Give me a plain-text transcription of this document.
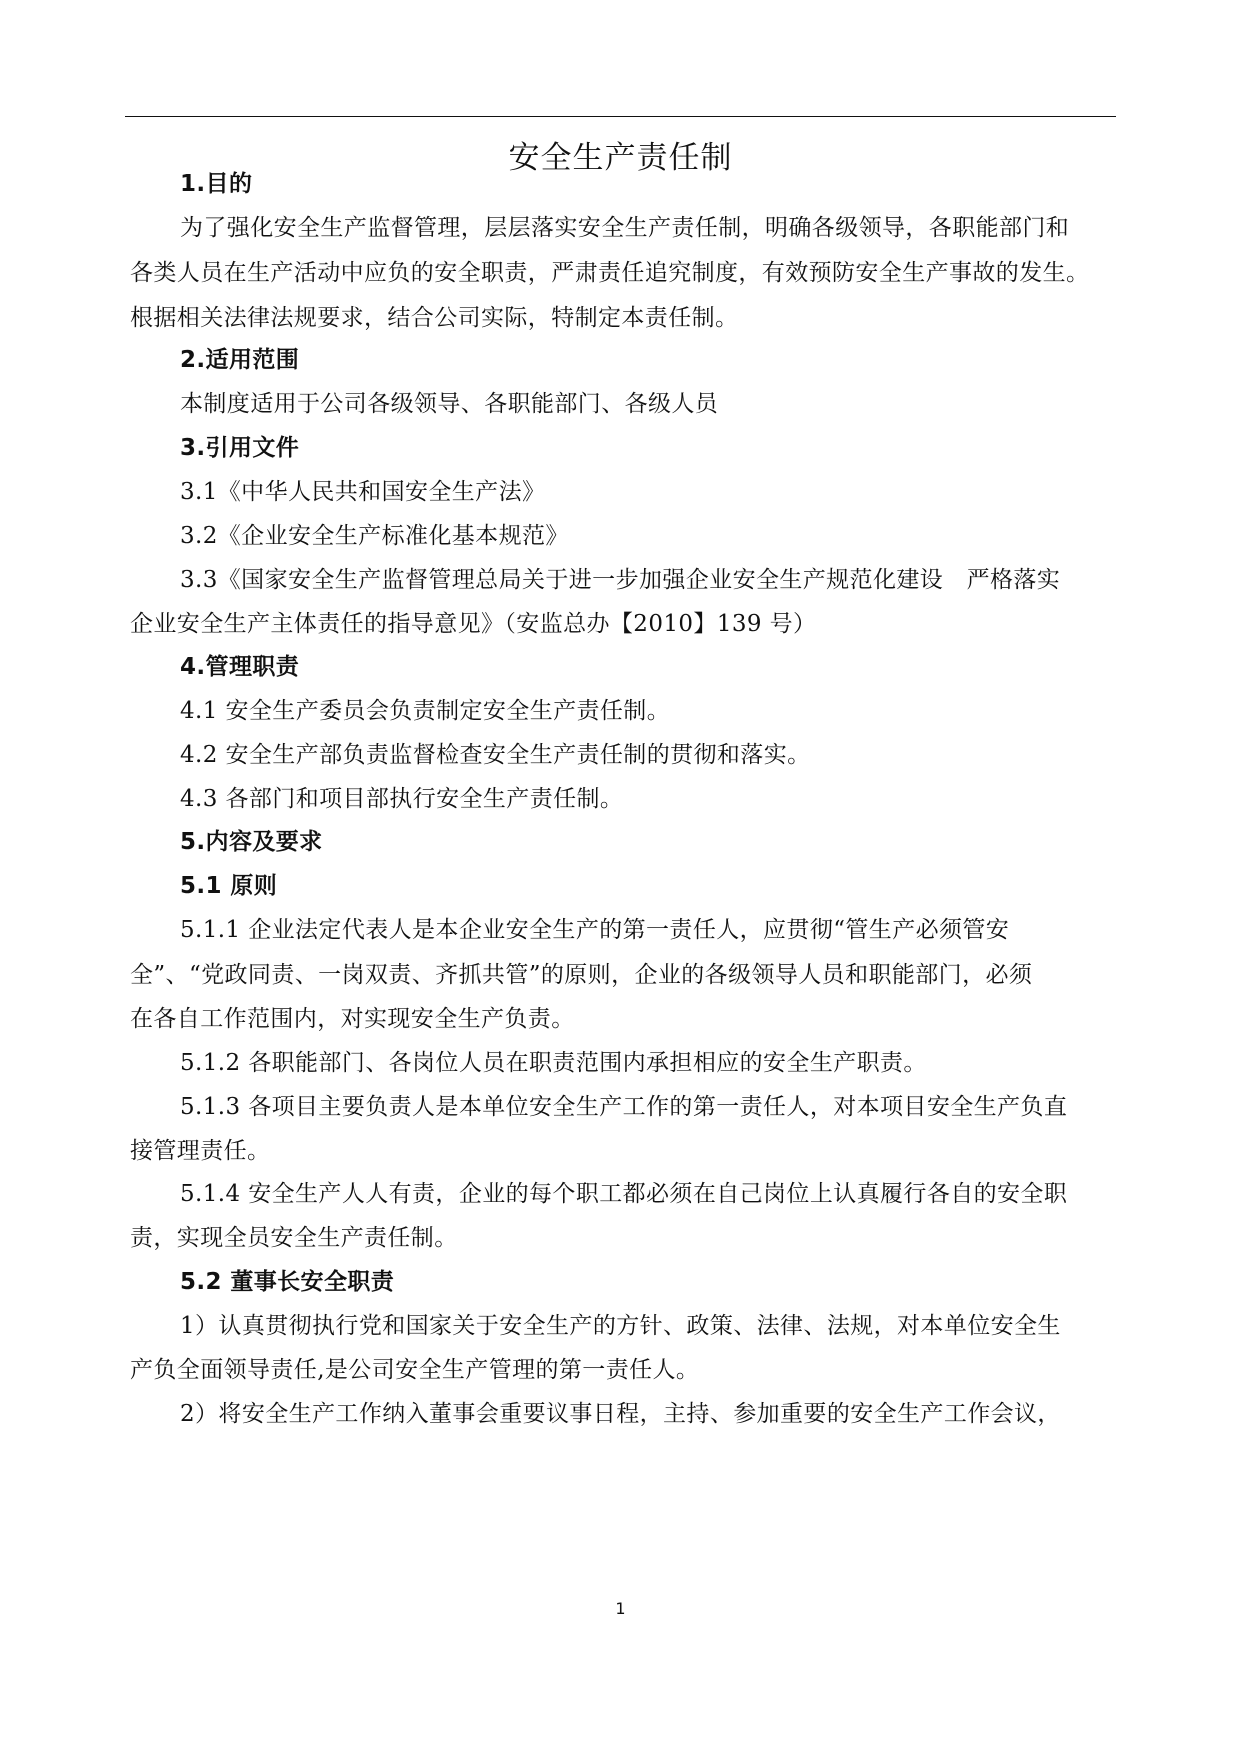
安全生产责任制

1.目的

为了强化安全生产监督管理，层层落实安全生产责任制，明确各级领导，各职能部门和

各类人员在生产活动中应负的安全职责，严肃责任追究制度，有效预防安全生产事故的发生。

根据相关法律法规要求，结合公司实际，特制定本责任制。

2.适用范围

本制度适用于公司各级领导、各职能部门、各级人员

3.引用文件

3.1《中华人民共和国安全生产法》

3.2《企业安全生产标准化基本规范》

3.3《国家安全生产监督管理总局关于进一步加强企业安全生产规范化建设　严格落实

企业安全生产主体责任的指导意见》（安监总办【2010】139 号）

4.管理职责

4.1 安全生产委员会负责制定安全生产责任制。

4.2 安全生产部负责监督检查安全生产责任制的贯彻和落实。

4.3 各部门和项目部执行安全生产责任制。

5.内容及要求

5.1 原则

5.1.1 企业法定代表人是本企业安全生产的第一责任人，应贯彻“管生产必须管安

全”、“党政同责、一岗双责、齐抓共管”的原则，企业的各级领导人员和职能部门，必须

在各自工作范围内，对实现安全生产负责。

5.1.2 各职能部门、各岗位人员在职责范围内承担相应的安全生产职责。

5.1.3 各项目主要负责人是本单位安全生产工作的第一责任人，对本项目安全生产负直

接管理责任。

5.1.4 安全生产人人有责，企业的每个职工都必须在自己岗位上认真履行各自的安全职

责，实现全员安全生产责任制。

5.2 董事长安全职责

1）认真贯彻执行党和国家关于安全生产的方针、政策、法律、法规，对本单位安全生

产负全面领导责任,是公司安全生产管理的第一责任人。

2）将安全生产工作纳入董事会重要议事日程，主持、参加重要的安全生产工作会议，

1
